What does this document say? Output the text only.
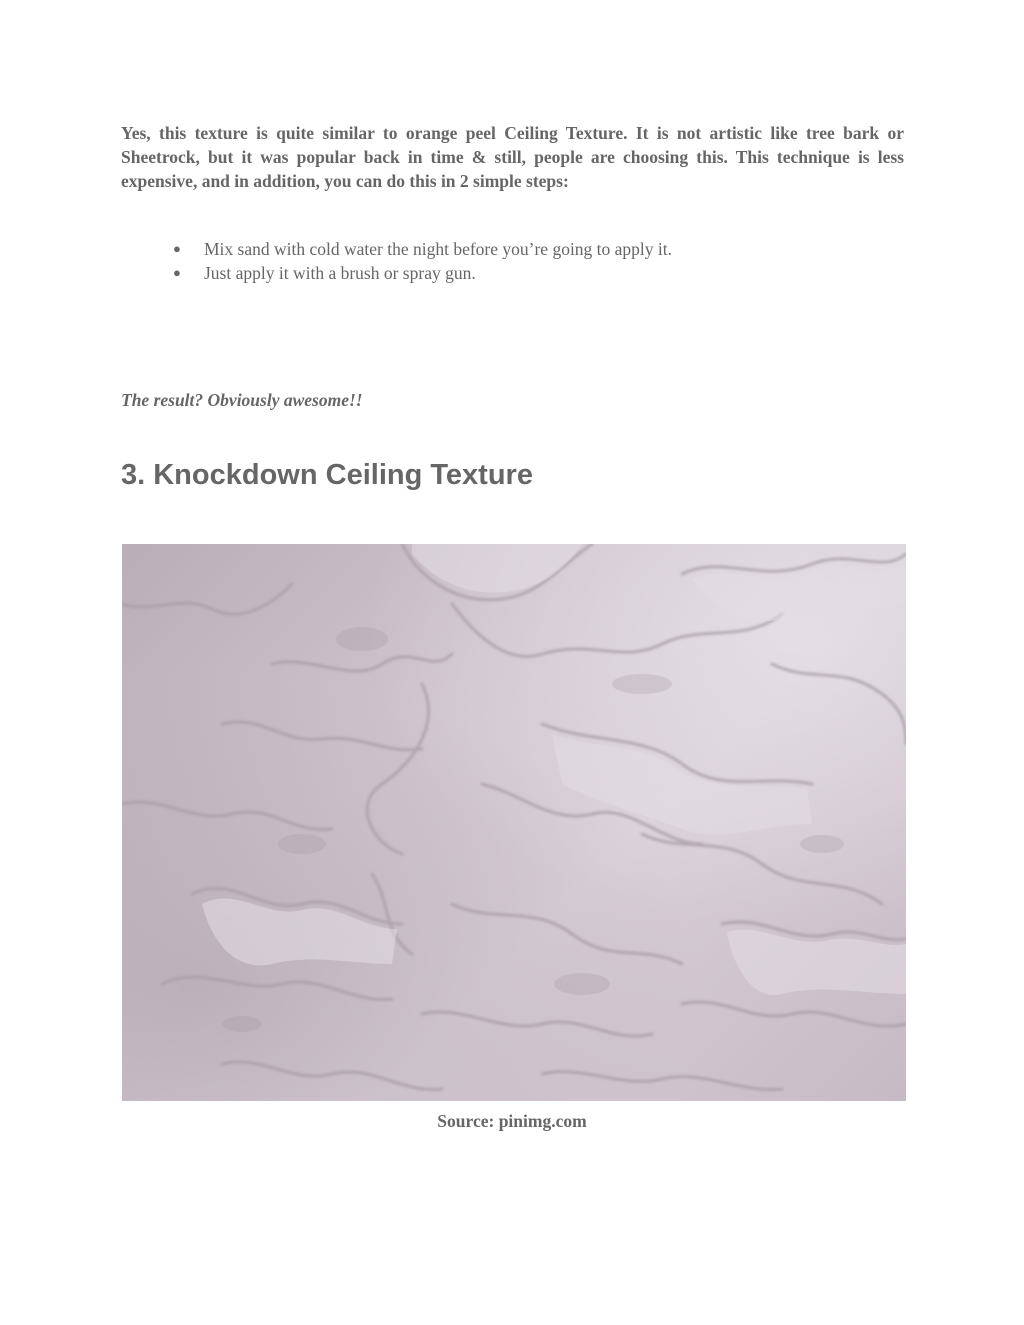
Yes, this texture is quite similar to orange peel Ceiling Texture. It is not artistic like tree bark or Sheetrock, but it was popular back in time & still, people are choosing this. This technique is less expensive, and in addition, you can do this in 2 simple steps:

● Mix sand with cold water the night before you’re going to apply it.
● Just apply it with a brush or spray gun.

The result? Obviously awesome!!

3. Knockdown Ceiling Texture

Source: pinimg.com
